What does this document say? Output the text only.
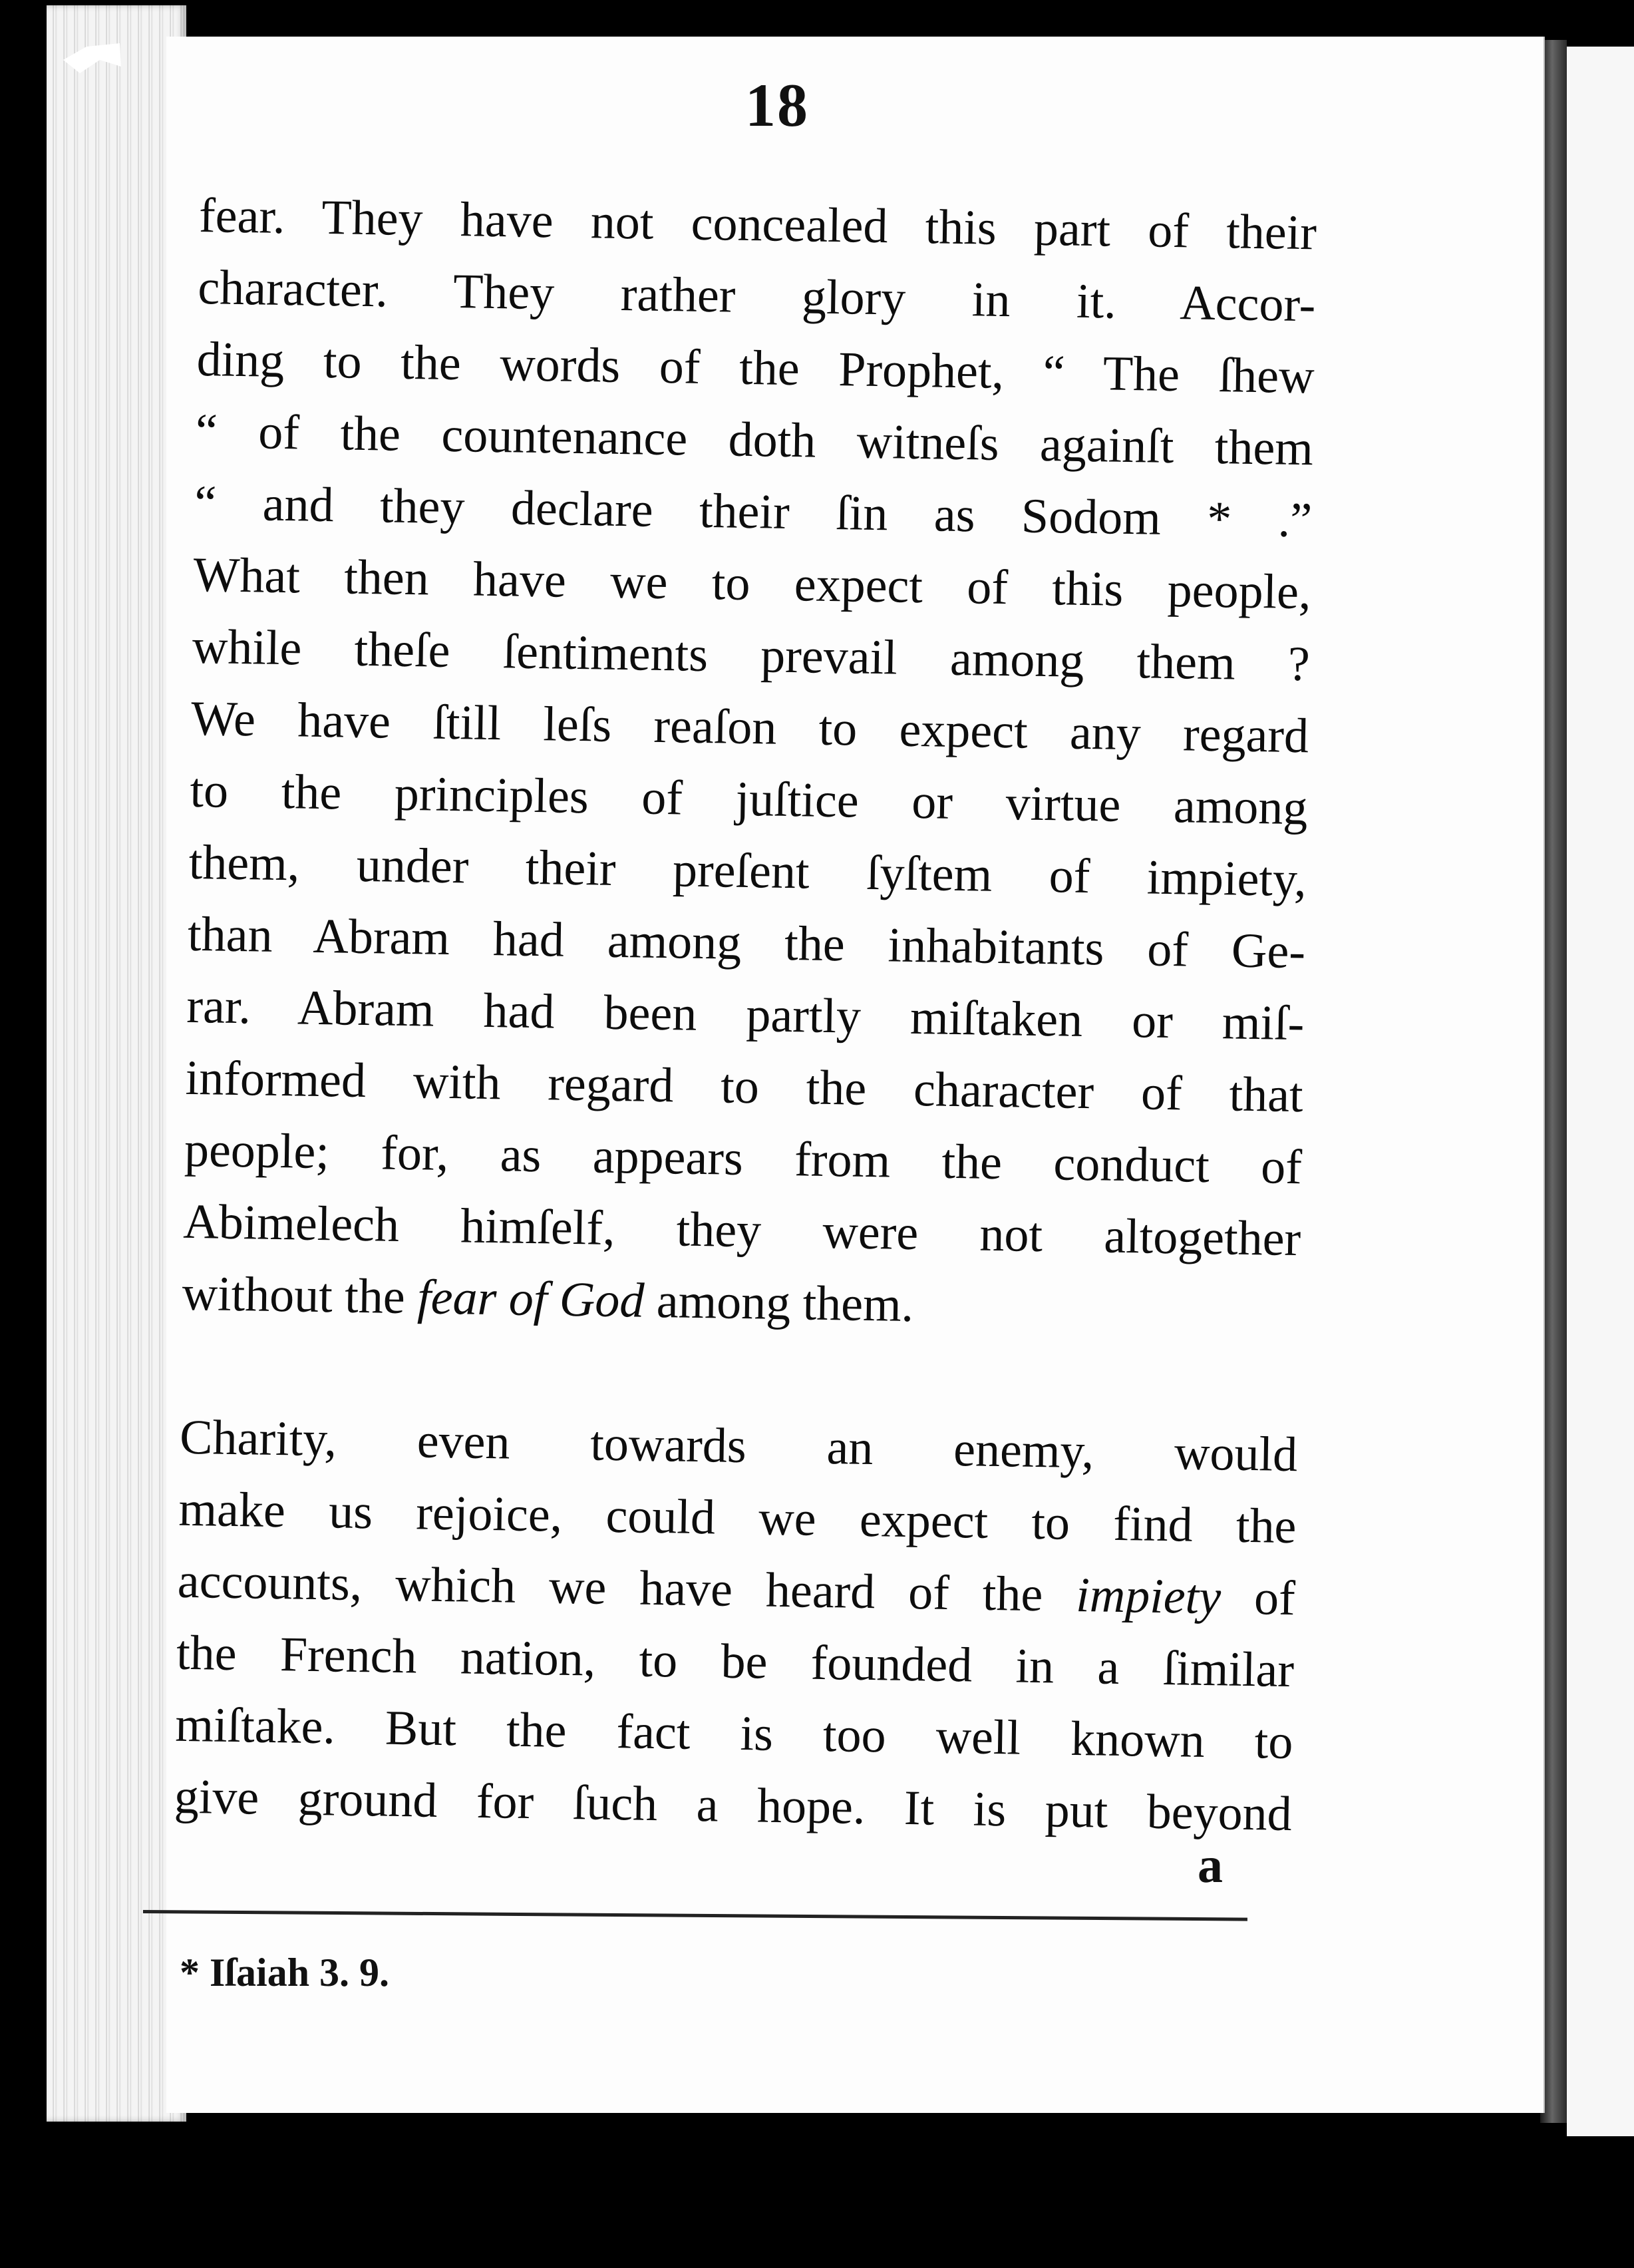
18
fear. They have not concealed this part of their
character. They rather glory in it. Accor-
ding to the words of the Prophet, “ The ſhew
“ of the countenance doth witneſs againſt them
“ and they declare their ſin as Sodom * .”
What then have we to expect of this people,
while theſe ſentiments prevail among them ?
We have ſtill leſs reaſon to expect any regard
to the principles of juſtice or virtue among
them, under their preſent ſyſtem of impiety,
than Abram had among the inhabitants of Ge-
rar. Abram had been partly miſtaken or miſ-
informed with regard to the character of that
people; for, as appears from the conduct of
Abimelech himſelf, they were not altogether
without the fear of God among them.
Charity, even towards an enemy, would
make us rejoice, could we expect to find the
accounts, which we have heard of the impiety of
the French nation, to be founded in a ſimilar
miſtake. But the fact is too well known to
give ground for ſuch a hope. It is put beyond
a
* Iſaiah 3. 9.
